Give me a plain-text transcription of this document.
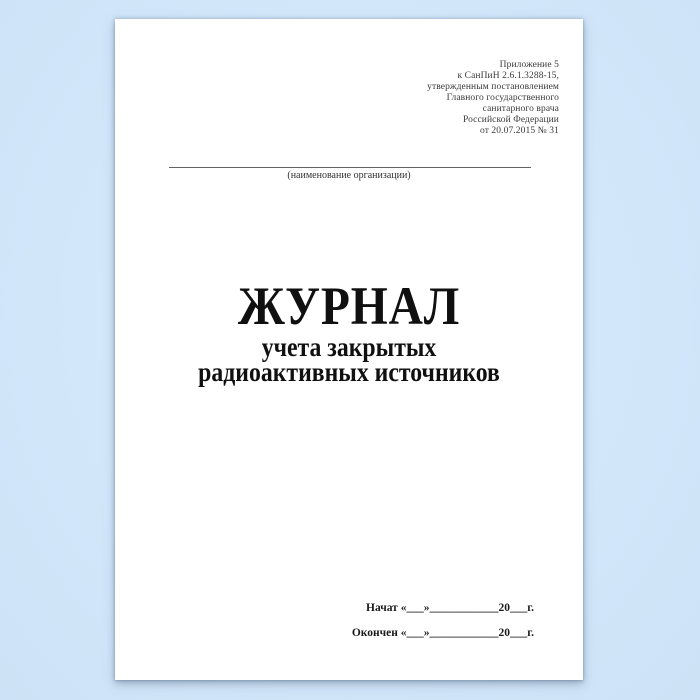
Приложение 5
к СанПиН 2.6.1.3288-15,
утвержденным постановлением
Главного государственного
санитарного врача
Российской Федерации
от 20.07.2015 № 31
(наименование организации)
ЖУРНАЛ
учета закрытых
радиоактивных источников
Начат «___»____________20___г.
Окончен «___»____________20___г.
